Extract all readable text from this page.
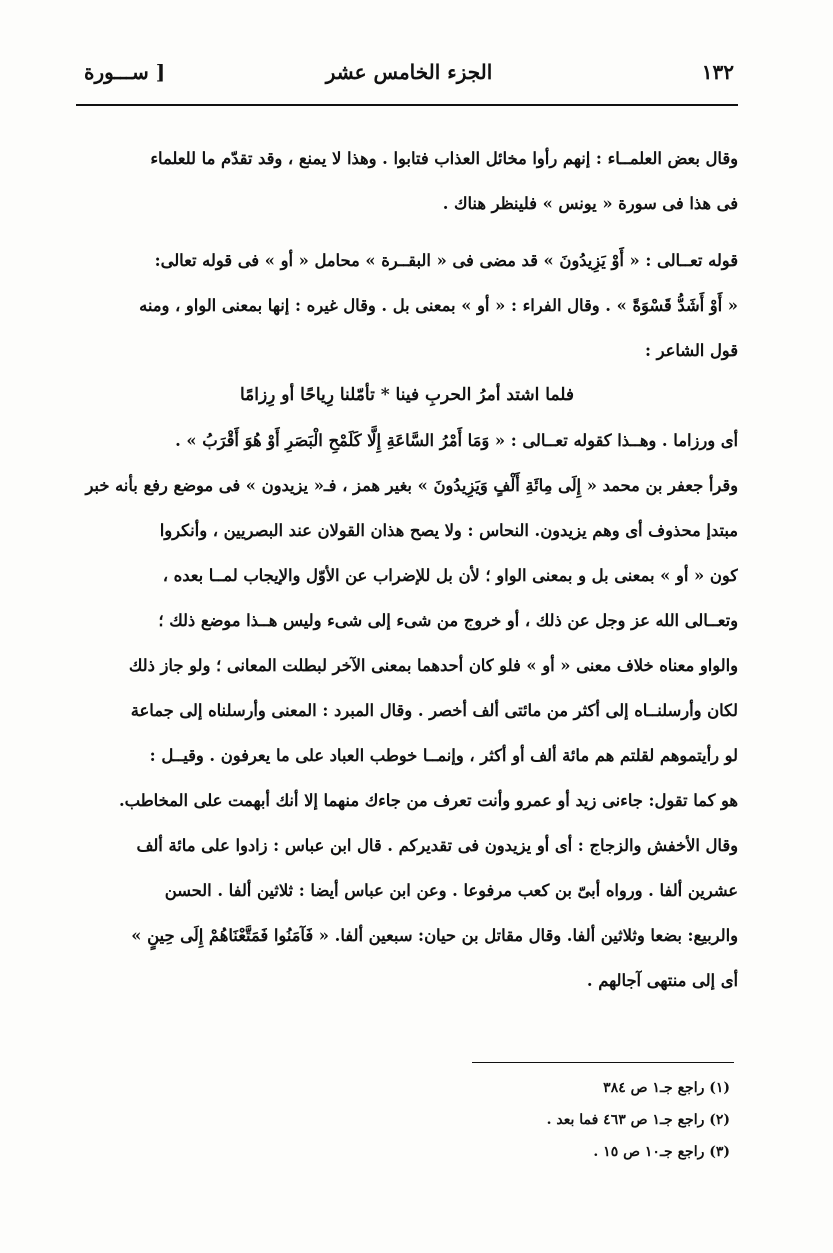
١٣٢
الجزء الخامس عشر
[ ســـورة
وقال بعض العلمــاء : إنهم رأوا مخائل العذاب فتابوا . وهذا لا يمنع ، وقد تقدّم ما للعلماء
فى هذا فى سورة « يونس » فلينظر هناك .
قوله تعــالى : « أَوْ يَزِيدُونَ » قد مضى فى « البقــرة » محامل « أو » فى قوله تعالى:
« أَوْ أَشَدُّ قَسْوَةً » . وقال الفراء : « أو » بمعنى بل . وقال غيره : إنها بمعنى الواو ، ومنه
قول الشاعر :
فلما اشتد أمرُ الحربِ فينا * تأمّلنا رِياحًا أو رِزامًا
أى ورزاما . وهــذا كقوله تعــالى : « وَمَا أَمْرُ السَّاعَةِ إِلَّا كَلَمْحِ الْبَصَرِ أَوْ هُوَ أَقْرَبُ » .
وقرأ جعفر بن محمد « إِلَى مِائَةِ أَلْفٍ وَيَزِيدُونَ » بغير همز ، فـ« يزيدون » فى موضع رفع بأنه خبر
مبتدإ محذوف أى وهم يزيدون. النحاس : ولا يصح هذان القولان عند البصريين ، وأنكروا
كون « أو » بمعنى بل و بمعنى الواو ؛ لأن بل للإضراب عن الأوّل والإيجاب لمــا بعده ،
وتعــالى الله عز وجل عن ذلك ، أو خروج من شىء إلى شىء وليس هــذا موضع ذلك ؛
والواو معناه خلاف معنى « أو » فلو كان أحدهما بمعنى الآخر لبطلت المعانى ؛ ولو جاز ذلك
لكان وأرسلنــاه إلى أكثر من مائتى ألف أخصر . وقال المبرد : المعنى وأرسلناه إلى جماعة
لو رأيتموهم لقلتم هم مائة ألف أو أكثر ، وإنمــا خوطب العباد على ما يعرفون . وقيــل :
هو كما تقول: جاءنى زيد أو عمرو وأنت تعرف من جاءك منهما إلا أنك أبهمت على المخاطب.
وقال الأخفش والزجاج : أى أو يزيدون فى تقديركم . قال ابن عباس : زادوا على مائة ألف
عشرين ألفا . ورواه أبىّ بن كعب مرفوعا . وعن ابن عباس أيضا : ثلاثين ألفا . الحسن
والربيع: بضعا وثلاثين ألفا. وقال مقاتل بن حيان: سبعين ألفا. « فَآمَنُوا فَمَتَّعْنَاهُمْ إِلَى حِينٍ »
أى إلى منتهى آجالهم .
(١) راجع جـ١ ص ٣٨٤
(٢) راجع جـ١ ص ٤٦٣ فما بعد .
(٣) راجع جـ١٠ ص ١٥ .
